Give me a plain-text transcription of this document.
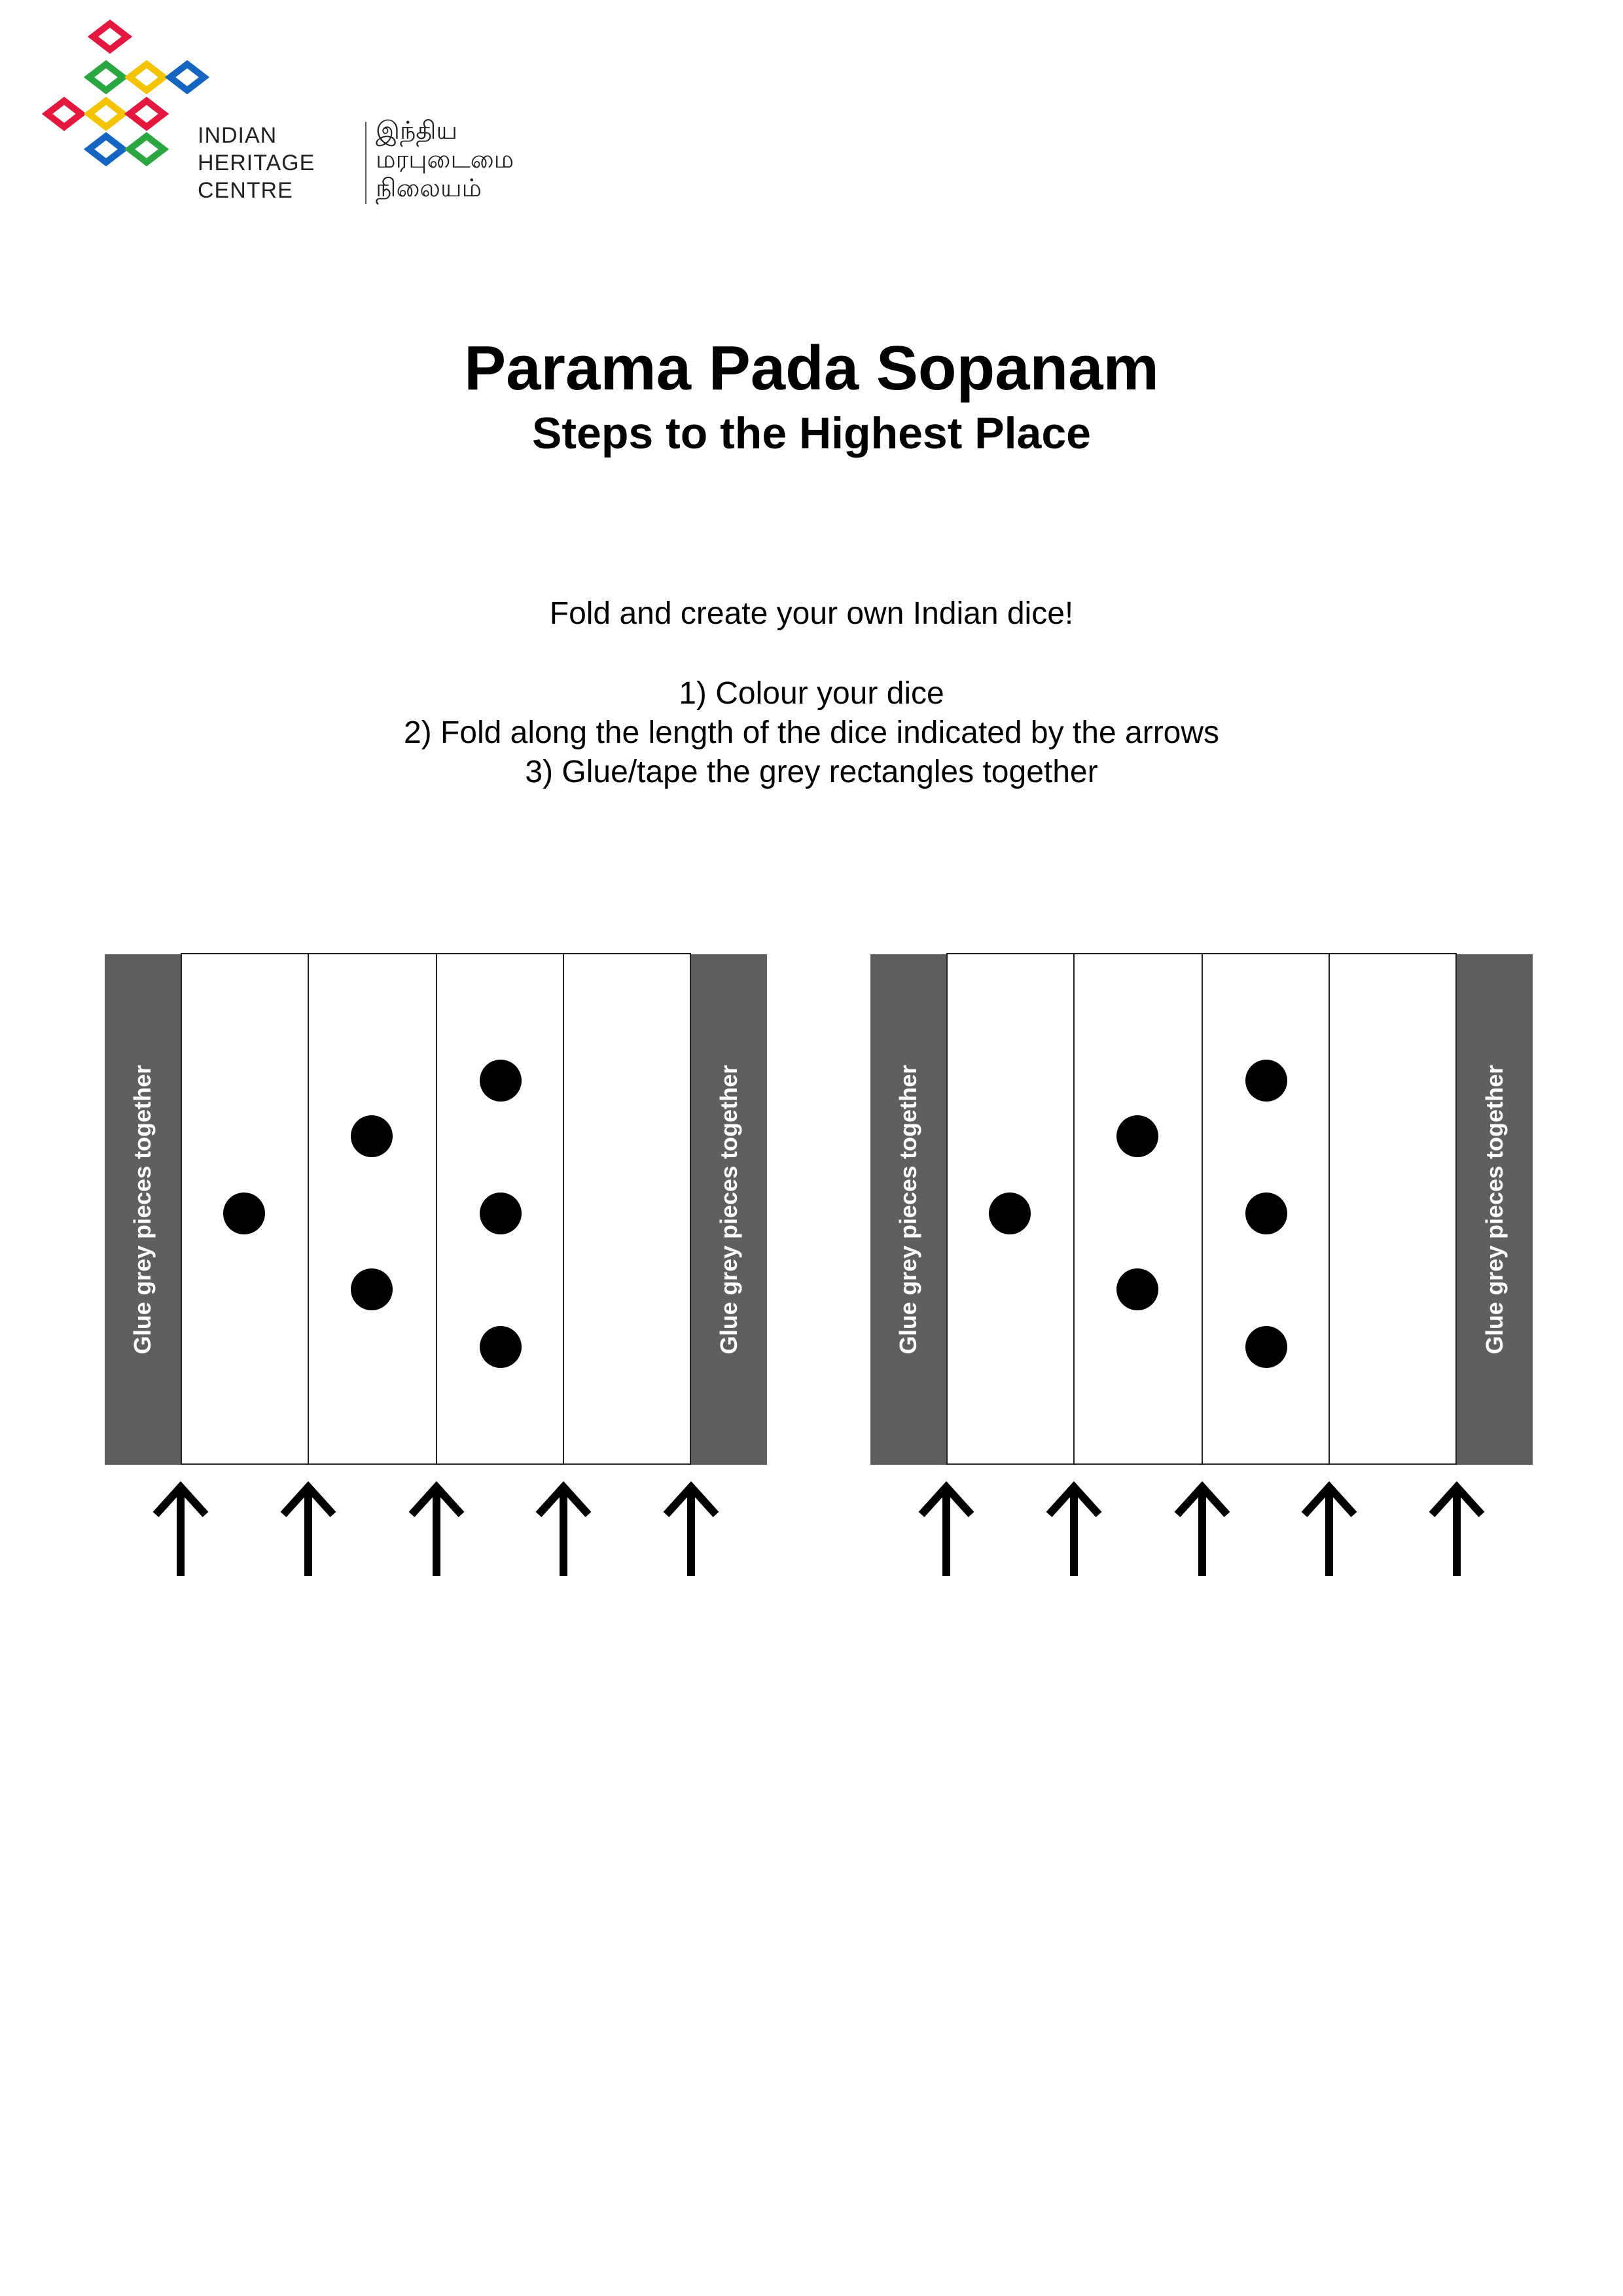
INDIAN
HERITAGE
CENTRE
இந்திய
மரபுடைமை
நிலையம்
Parama Pada Sopanam
Steps to the Highest Place
Fold and create your own Indian dice!
1) Colour your dice
2) Fold along the length of the dice indicated by the arrows
3) Glue/tape the grey rectangles together
Glue grey pieces together	Glue grey pieces together	Glue grey pieces together	Glue grey pieces together
